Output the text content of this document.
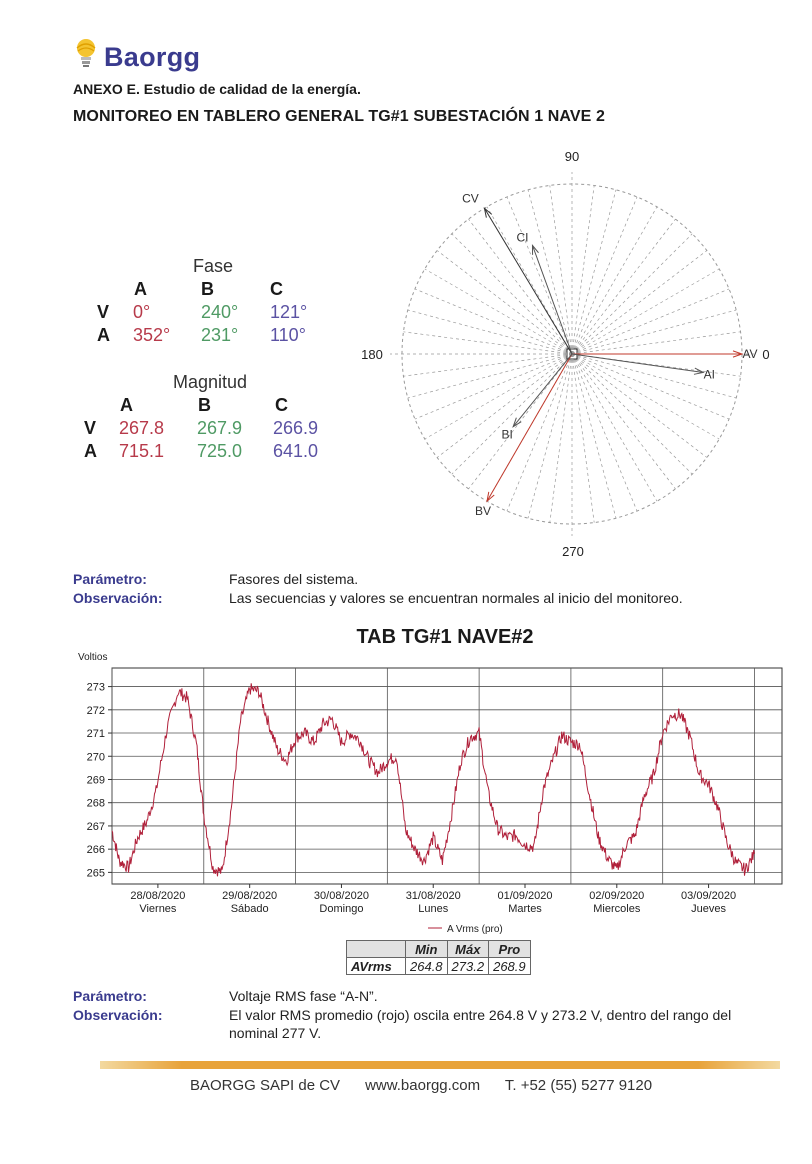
Baorgg
ANEXO E. Estudio de calidad de la energía.
MONITOREO EN TABLERO GENERAL TG#1 SUBESTACIÓN 1 NAVE 2
Fase
A	B	C
V 0°	240° 121°
A 352° 231° 110°
Magnitud
A	B	C
V 267.8 267.9 266.9
A 715.1 725.0 641.0
AV
AI
BV
BI
CV
CI
90
180	0
270
Parámetro:	Fasores del sistema.
Observación:	Las secuencias y valores se encuentran normales al inicio del monitoreo.
TAB TG#1 NAVE#2
Voltios
273
272
271
270
269
268
267
266
265
28/08/2020
Viernes
29/08/2020
Sábado
30/08/2020
Domingo
31/08/2020
Lunes
01/09/2020
Martes
02/09/2020
Miercoles
03/09/2020
Jueves
A Vrms (pro)
	Min	Máx	Pro
AVrms	264.8	273.2	268.9
Parámetro:	Voltaje RMS fase “A-N”.
Observación:	El valor RMS promedio (rojo) oscila entre 264.8 V y 273.2 V, dentro del rango del
nominal 277 V.
BAORGG SAPI de CV www.baorgg.com T. +52 (55) 5277 9120
